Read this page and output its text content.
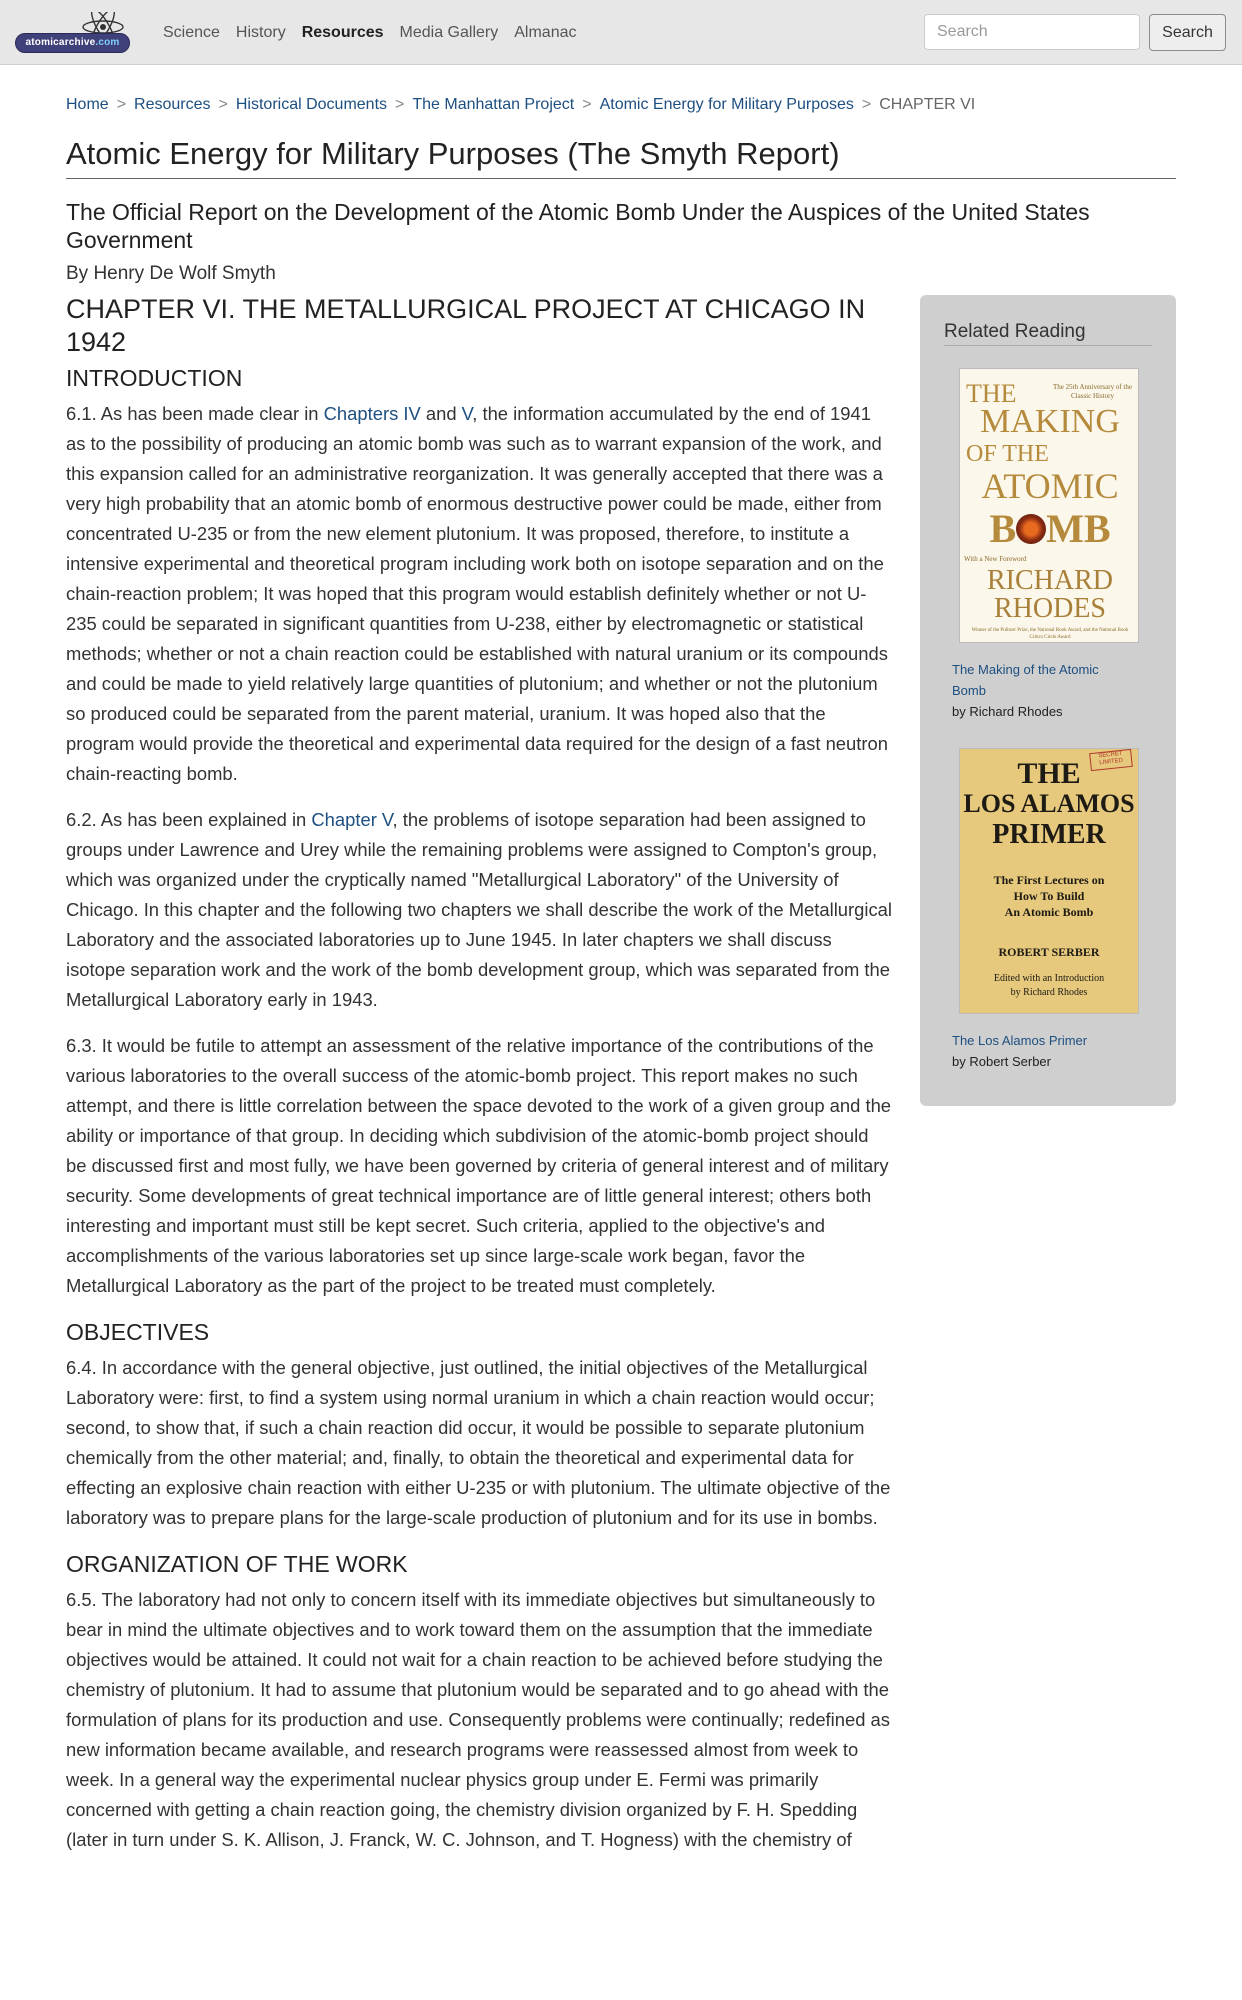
atomicarchive.com
Science	History	Resources	Media Gallery	Almanac
Search	Search
Home > Resources > Historical Documents > The Manhattan Project > Atomic Energy for Military Purposes > CHAPTER VI
Atomic Energy for Military Purposes (The Smyth Report)
The Official Report on the Development of the Atomic Bomb Under the Auspices of the United States Government
By Henry De Wolf Smyth
CHAPTER VI. THE METALLURGICAL PROJECT AT CHICAGO IN 1942
INTRODUCTION

6.1. As has been made clear in Chapters IV and V, the information accumulated by the end of 1941 as to the possibility of producing an atomic bomb was such as to warrant expansion of the work, and this expansion called for an administrative reorganization. It was generally accepted that there was a very high probability that an atomic bomb of enormous destructive power could be made, either from concentrated U-235 or from the new element plutonium. It was proposed, therefore, to institute a intensive experimental and theoretical program including work both on isotope separation and on the chain-reaction problem; It was hoped that this program would establish definitely whether or not U-235 could be separated in significant quantities from U-238, either by electromagnetic or statistical methods; whether or not a chain reaction could be established with natural uranium or its compounds and could be made to yield relatively large quantities of plutonium; and whether or not the plutonium so produced could be separated from the parent material, uranium. It was hoped also that the program would provide the theoretical and experimental data required for the design of a fast neutron chain-reacting bomb.

6.2. As has been explained in Chapter V, the problems of isotope separation had been assigned to groups under Lawrence and Urey while the remaining problems were assigned to Compton's group, which was organized under the cryptically named "Metallurgical Laboratory" of the University of Chicago. In this chapter and the following two chapters we shall describe the work of the Metallurgical Laboratory and the associated laboratories up to June 1945. In later chapters we shall discuss isotope separation work and the work of the bomb development group, which was separated from the Metallurgical Laboratory early in 1943.

6.3. It would be futile to attempt an assessment of the relative importance of the contributions of the various laboratories to the overall success of the atomic-bomb project. This report makes no such attempt, and there is little correlation between the space devoted to the work of a given group and the ability or importance of that group. In deciding which subdivision of the atomic-bomb project should be discussed first and most fully, we have been governed by criteria of general interest and of military security. Some developments of great technical importance are of little general interest; others both interesting and important must still be kept secret. Such criteria, applied to the objective's and accomplishments of the various laboratories set up since large-scale work began, favor the Metallurgical Laboratory as the part of the project to be treated must completely.

OBJECTIVES

6.4. In accordance with the general objective, just outlined, the initial objectives of the Metallurgical Laboratory were: first, to find a system using normal uranium in which a chain reaction would occur; second, to show that, if such a chain reaction did occur, it would be possible to separate plutonium chemically from the other material; and, finally, to obtain the theoretical and experimental data for effecting an explosive chain reaction with either U-235 or with plutonium. The ultimate objective of the laboratory was to prepare plans for the large-scale production of plutonium and for its use in bombs.

ORGANIZATION OF THE WORK

6.5. The laboratory had not only to concern itself with its immediate objectives but simultaneously to bear in mind the ultimate objectives and to work toward them on the assumption that the immediate objectives would be attained. It could not wait for a chain reaction to be achieved before studying the chemistry of plutonium. It had to assume that plutonium would be separated and to go ahead with the formulation of plans for its production and use. Consequently problems were continually; redefined as new information became available, and research programs were reassessed almost from week to week. In a general way the experimental nuclear physics group under E. Fermi was primarily concerned with getting a chain reaction going, the chemistry division organized by F. H. Spedding (later in turn under S. K. Allison, J. Franck, W. C. Johnson, and T. Hogness) with the chemistry of

Related Reading
The 25th Anniversary of the Classic History
THE
MAKING
OF THE
ATOMIC
B MB
With a New Foreword
RICHARD
RHODES
Winner of the Pulitzer Prize, the National Book Award, and the National Book Critics Circle Award
The Making of the Atomic Bomb
by Richard Rhodes
SECRET LIMITED
THE
LOS ALAMOS
PRIMER
The First Lectures on
How To Build
An Atomic Bomb
ROBERT SERBER
Edited with an Introduction
by Richard Rhodes
The Los Alamos Primer
by Robert Serber
